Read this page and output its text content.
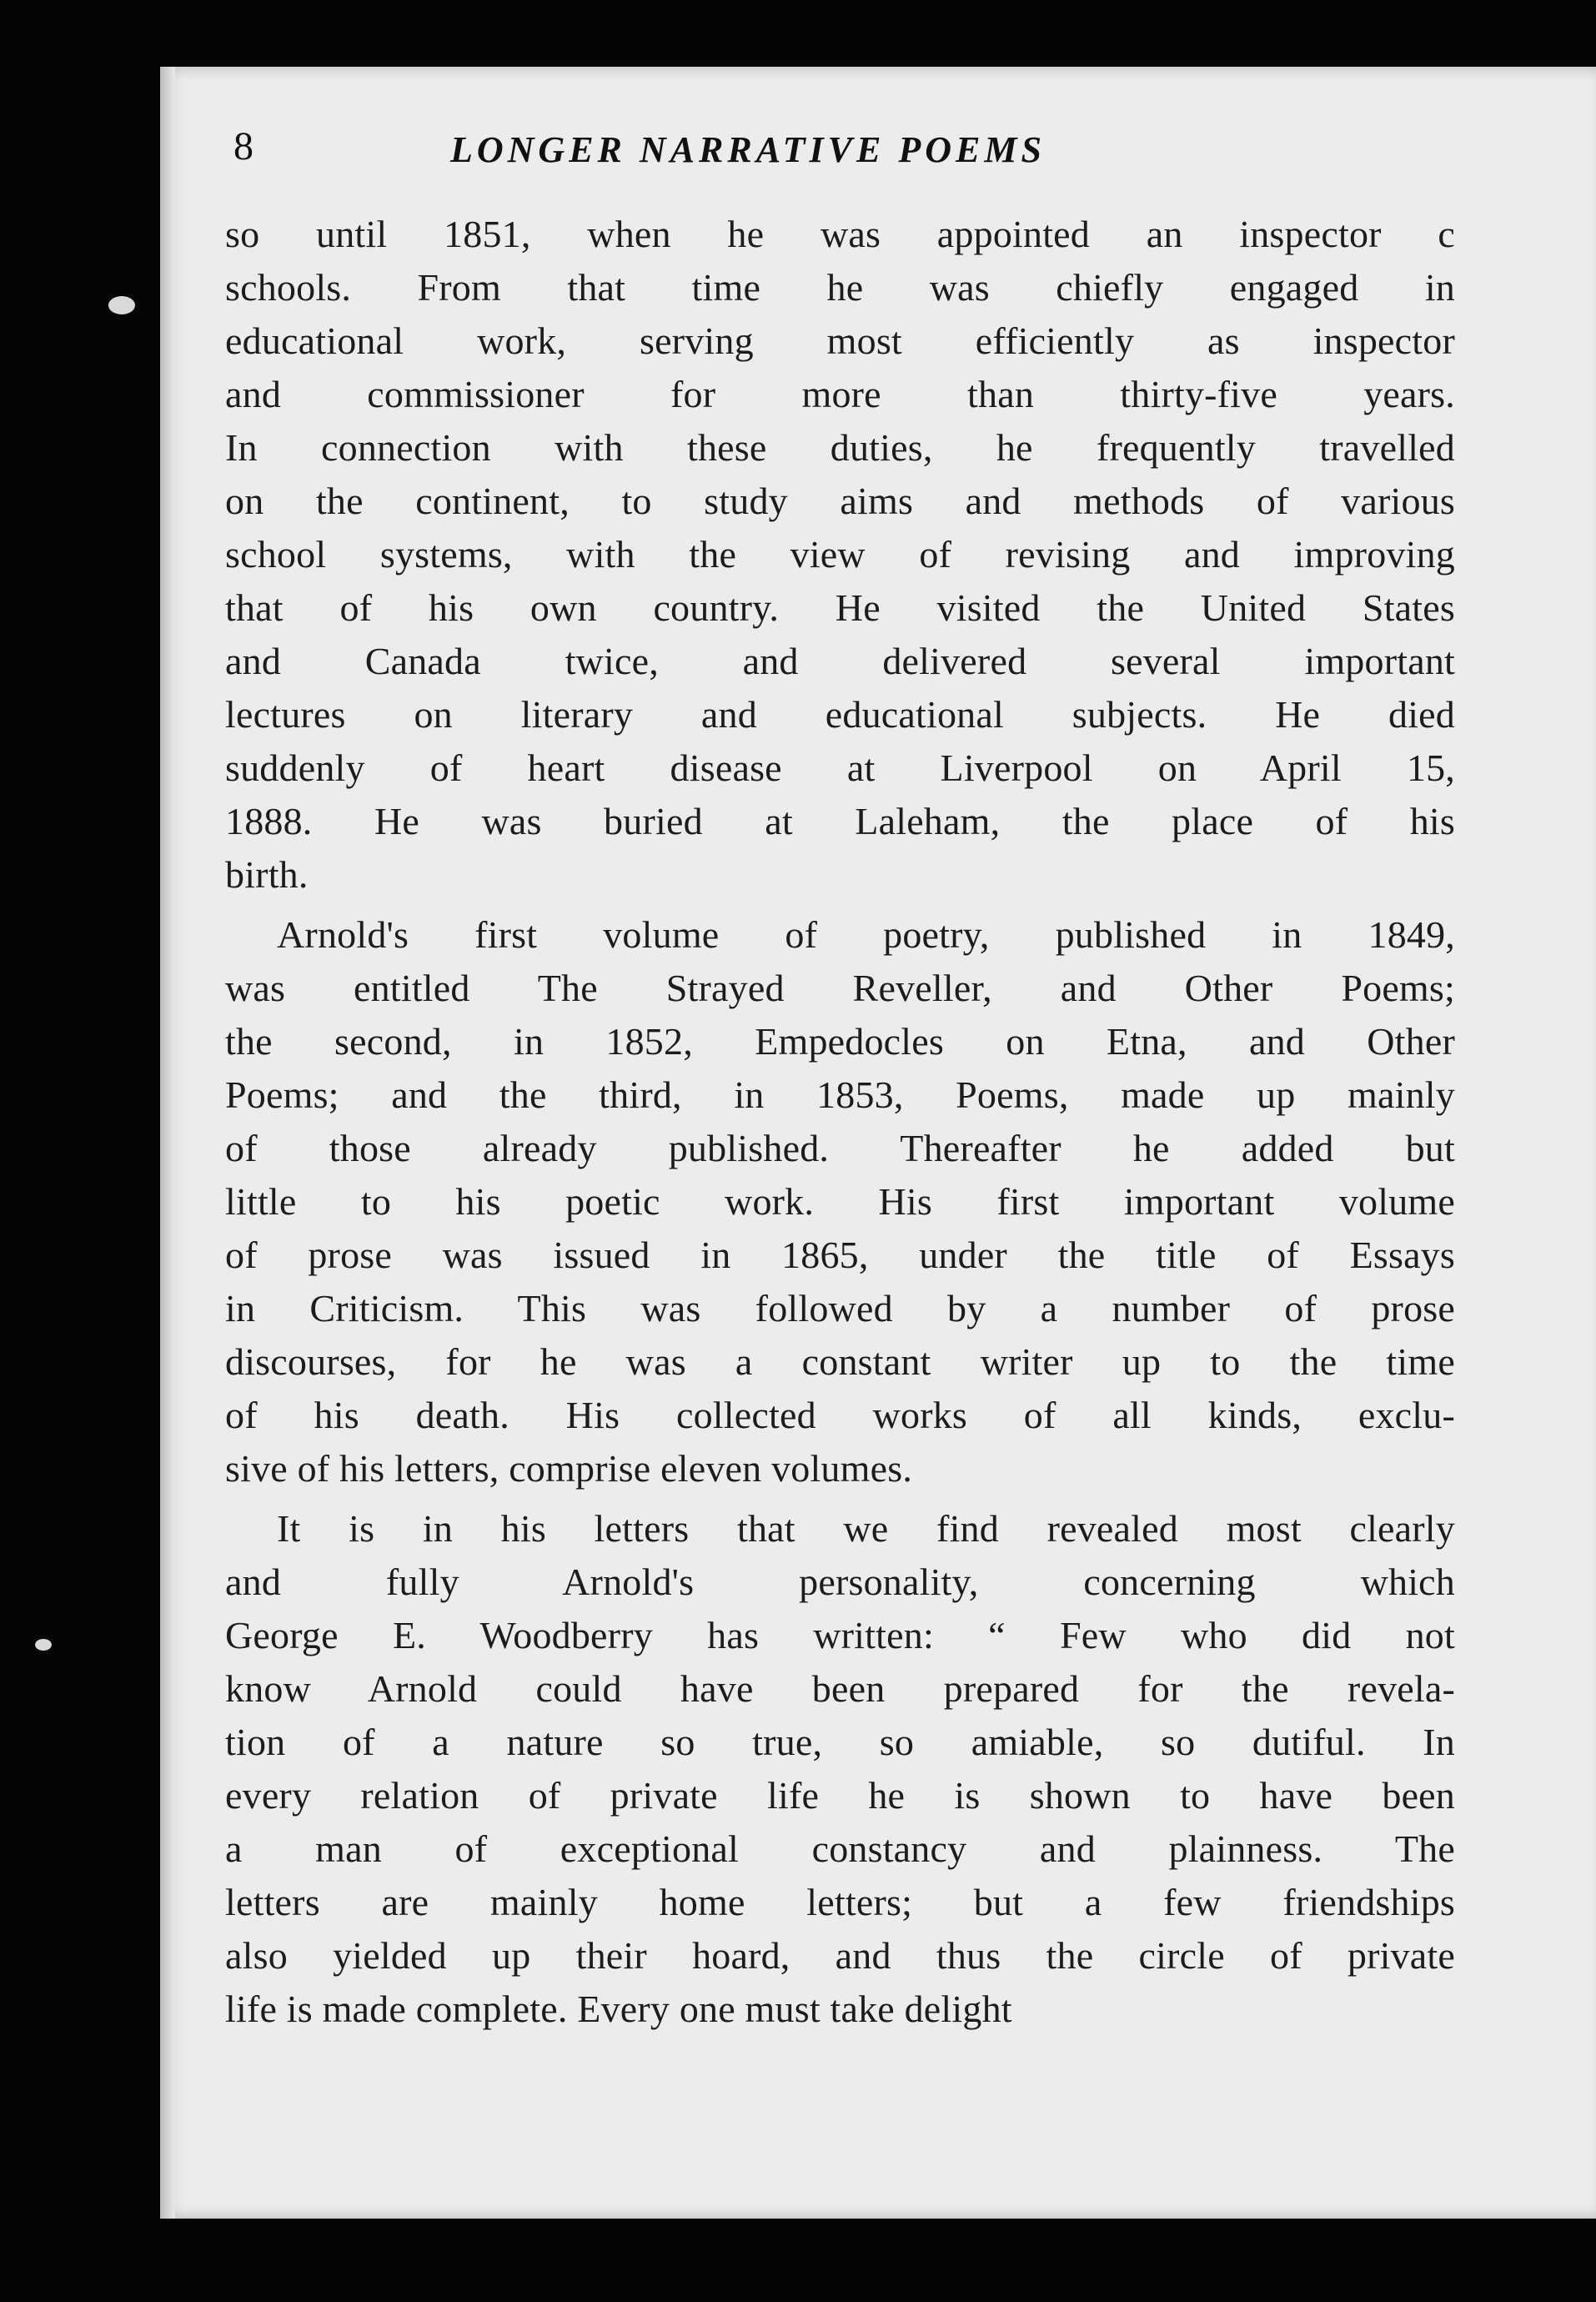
8	LONGER NARRATIVE POEMS
so until 1851, when he was appointed an inspector c
schools. From that time he was chiefly engaged in
educational work, serving most efficiently as inspector
and commissioner for more than thirty-five years.
In connection with these duties, he frequently travelled
on the continent, to study aims and methods of various
school systems, with the view of revising and improving
that of his own country. He visited the United States
and Canada twice, and delivered several important
lectures on literary and educational subjects. He died
suddenly of heart disease at Liverpool on April 15,
1888. He was buried at Laleham, the place of his
birth.
Arnold's first volume of poetry, published in 1849,
was entitled The Strayed Reveller, and Other Poems;
the second, in 1852, Empedocles on Etna, and Other
Poems; and the third, in 1853, Poems, made up mainly
of those already published. Thereafter he added but
little to his poetic work. His first important volume
of prose was issued in 1865, under the title of Essays
in Criticism. This was followed by a number of prose
discourses, for he was a constant writer up to the time
of his death. His collected works of all kinds, exclu-
sive of his letters, comprise eleven volumes.
It is in his letters that we find revealed most clearly
and fully Arnold's personality, concerning which
George E. Woodberry has written: “ Few who did not
know Arnold could have been prepared for the revela-
tion of a nature so true, so amiable, so dutiful. In
every relation of private life he is shown to have been
a man of exceptional constancy and plainness. The
letters are mainly home letters; but a few friendships
also yielded up their hoard, and thus the circle of private
life is made complete. Every one must take delight
